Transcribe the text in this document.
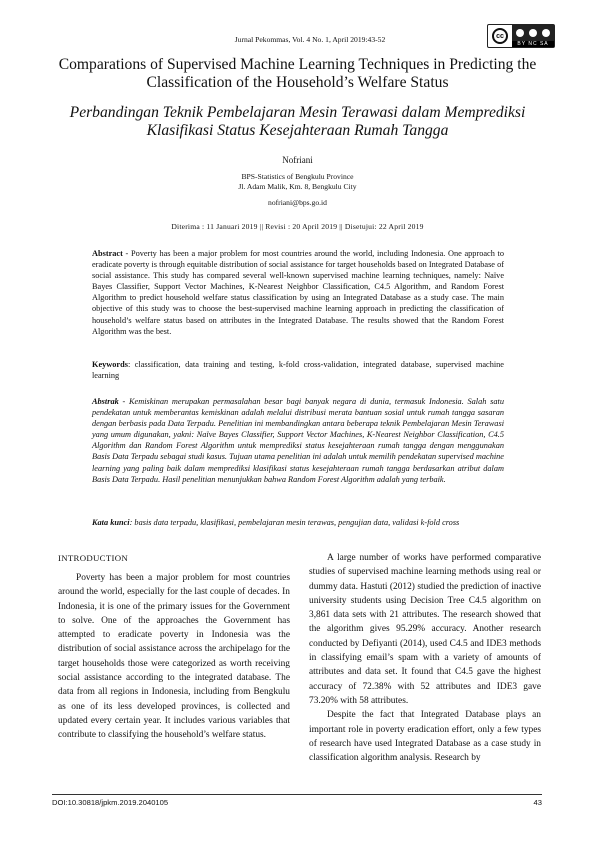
Jurnal Pekommas, Vol. 4 No. 1, April 2019:43-52	cc
BY NC SA
Comparations of Supervised Machine Learning Techniques in Predicting the Classification of the Household’s Welfare Status
Perbandingan Teknik Pembelajaran Mesin Terawasi dalam Memprediksi Klasifikasi Status Kesejahteraan Rumah Tangga
Nofriani
BPS-Statistics of Bengkulu Province
Jl. Adam Malik, Km. 8, Bengkulu City
nofriani@bps.go.id
Diterima : 11 Januari 2019 || Revisi : 20 April 2019 || Disetujui: 22 April 2019
Abstract - Poverty has been a major problem for most countries around the world, including Indonesia. One approach to eradicate poverty is through equitable distribution of social assistance for target households based on Integrated Database of social assistance. This study has compared several well-known supervised machine learning techniques, namely: Naïve Bayes Classifier, Support Vector Machines, K-Nearest Neighbor Classification, C4.5 Algorithm, and Random Forest Algorithm to predict household welfare status classification by using an Integrated Database as a study case. The main objective of this study was to choose the best-supervised machine learning approach in predicting the classification of household’s welfare status based on attributes in the Integrated Database. The results showed that the Random Forest Algorithm was the best.
Keywords: classification, data training and testing, k-fold cross-validation, integrated database, supervised machine learning
Abstrak - Kemiskinan merupakan permasalahan besar bagi banyak negara di dunia, termasuk Indonesia. Salah satu pendekatan untuk memberantas kemiskinan adalah melalui distribusi merata bantuan sosial untuk rumah tangga sasaran dengan berbasis pada Data Terpadu. Penelitian ini membandingkan antara beberapa teknik Pembelajaran Mesin Terawasi yang umum digunakan, yakni: Naïve Bayes Classifier, Support Vector Machines, K-Nearest Neighbor Classification, C4.5 Algorithm dan Random Forest Algorithm untuk memprediksi status kesejahteraan rumah tangga dengan menggunakan Basis Data Terpadu sebagai studi kasus. Tujuan utama penelitian ini adalah untuk memilih pendekatan supervised machine learning yang paling baik dalam memprediksi klasifikasi status kesejahteraan rumah tangga berdasarkan atribut dalam Basis Data Terpadu. Hasil penelitian menunjukkan bahwa Random Forest Algorithm adalah yang terbaik.
Kata kunci: basis data terpadu, klasifikasi, pembelajaran mesin terawas, pengujian data, validasi k-fold cross
INTRODUCTION

Poverty has been a major problem for most countries around the world, especially for the last couple of decades. In Indonesia, it is one of the primary issues for the Government to solve. One of the approaches the Government has attempted to eradicate poverty in Indonesia was the distribution of social assistance across the archipelago for the target households those were categorized as worth receiving social assistance according to the integrated database. The data from all regions in Indonesia, including from Bengkulu as one of its less developed provinces, is collected and updated every certain year. It includes various variables that contribute to classifying the household’s welfare status.

A large number of works have performed comparative studies of supervised machine learning methods using real or dummy data. Hastuti (2012) studied the prediction of inactive university students using Decision Tree C4.5 algorithm on 3,861 data sets with 21 attributes. The research showed that the algorithm gives 95.29% accuracy. Another research conducted by Defiyanti (2014), used C4.5 and IDE3 methods in classifying email’s spam with a variety of amounts of attributes and data set. It found that C4.5 gave the highest accuracy of 72.38% with 52 attributes and IDE3 gave 73.20% with 58 attributes.

Despite the fact that Integrated Database plays an important role in poverty eradication effort, only a few types of research have used Integrated Database as a case study in classification algorithm analysis. Research by

DOI:10.30818/jpkm.2019.2040105	43
